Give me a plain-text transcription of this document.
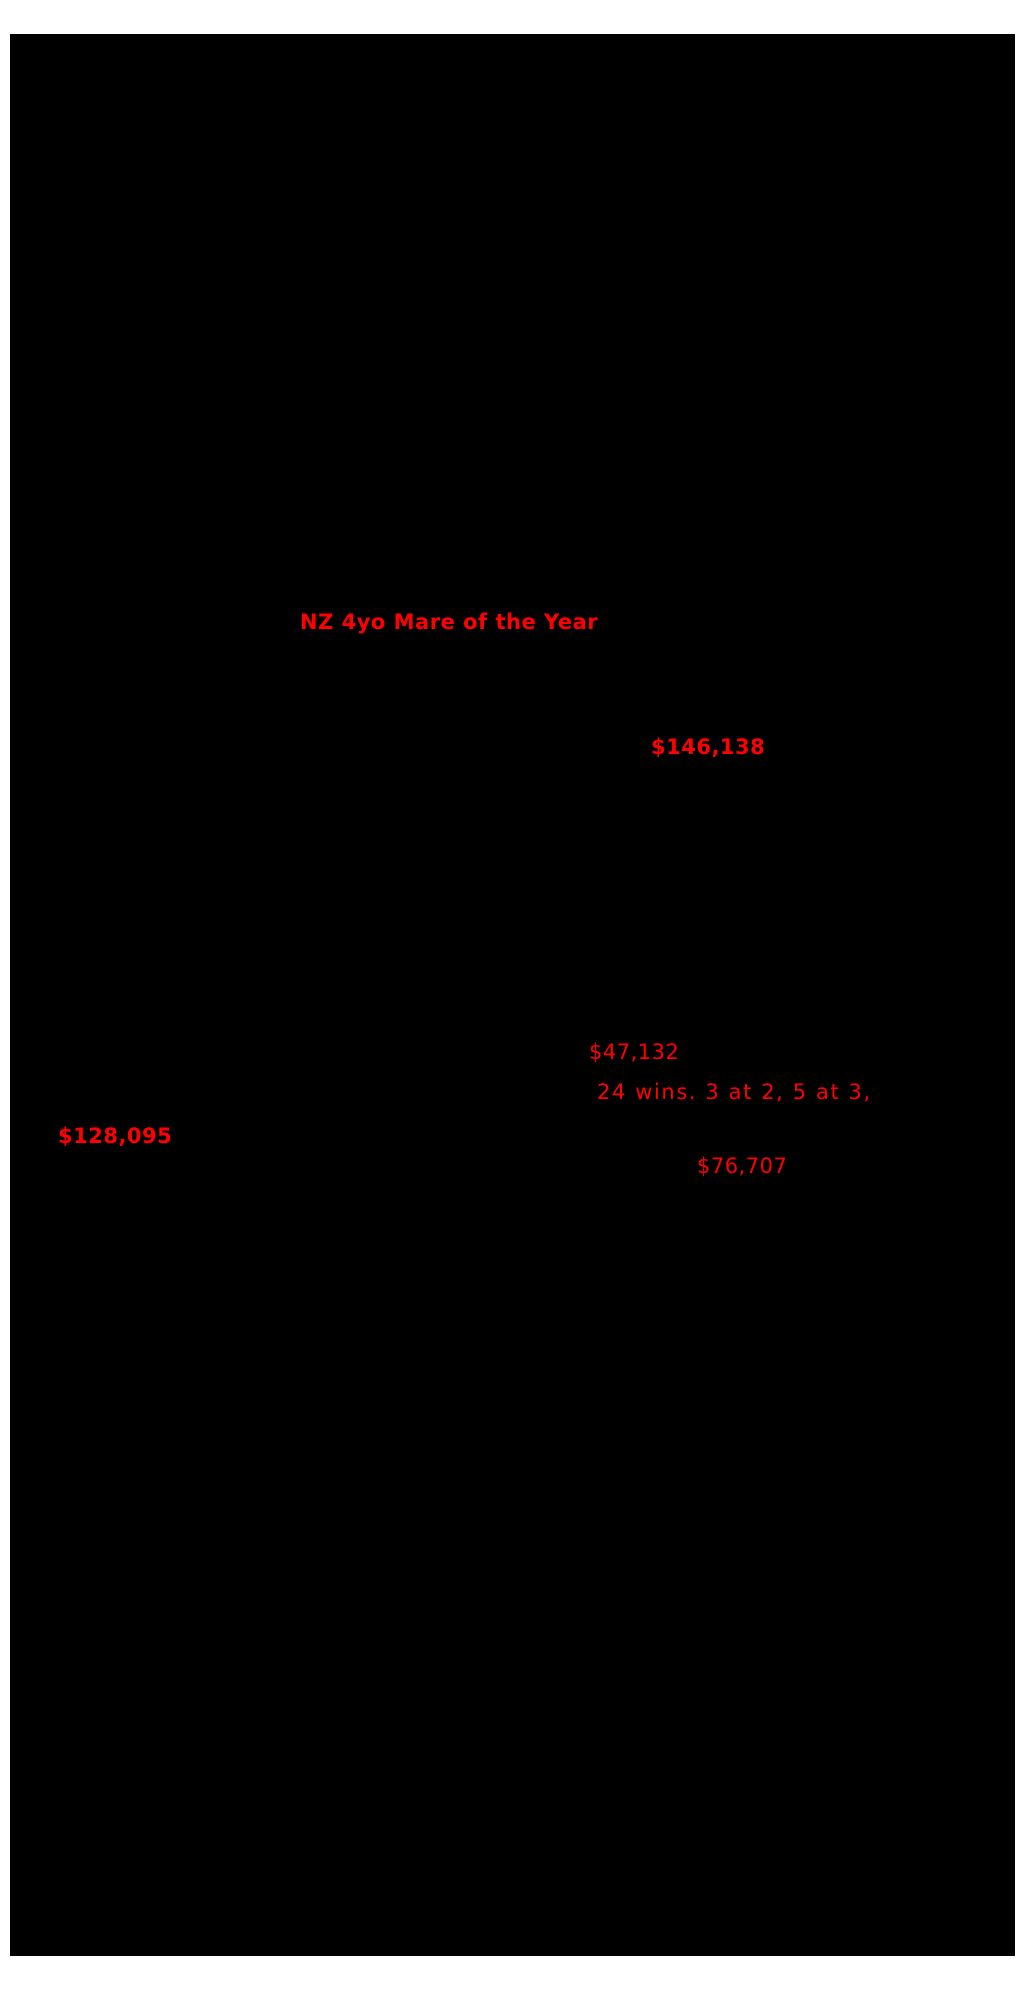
NZ 4yo Mare of the Year
$146,138
$47,132
24 wins. 3 at 2, 5 at 3,
$128,095
$76,707
